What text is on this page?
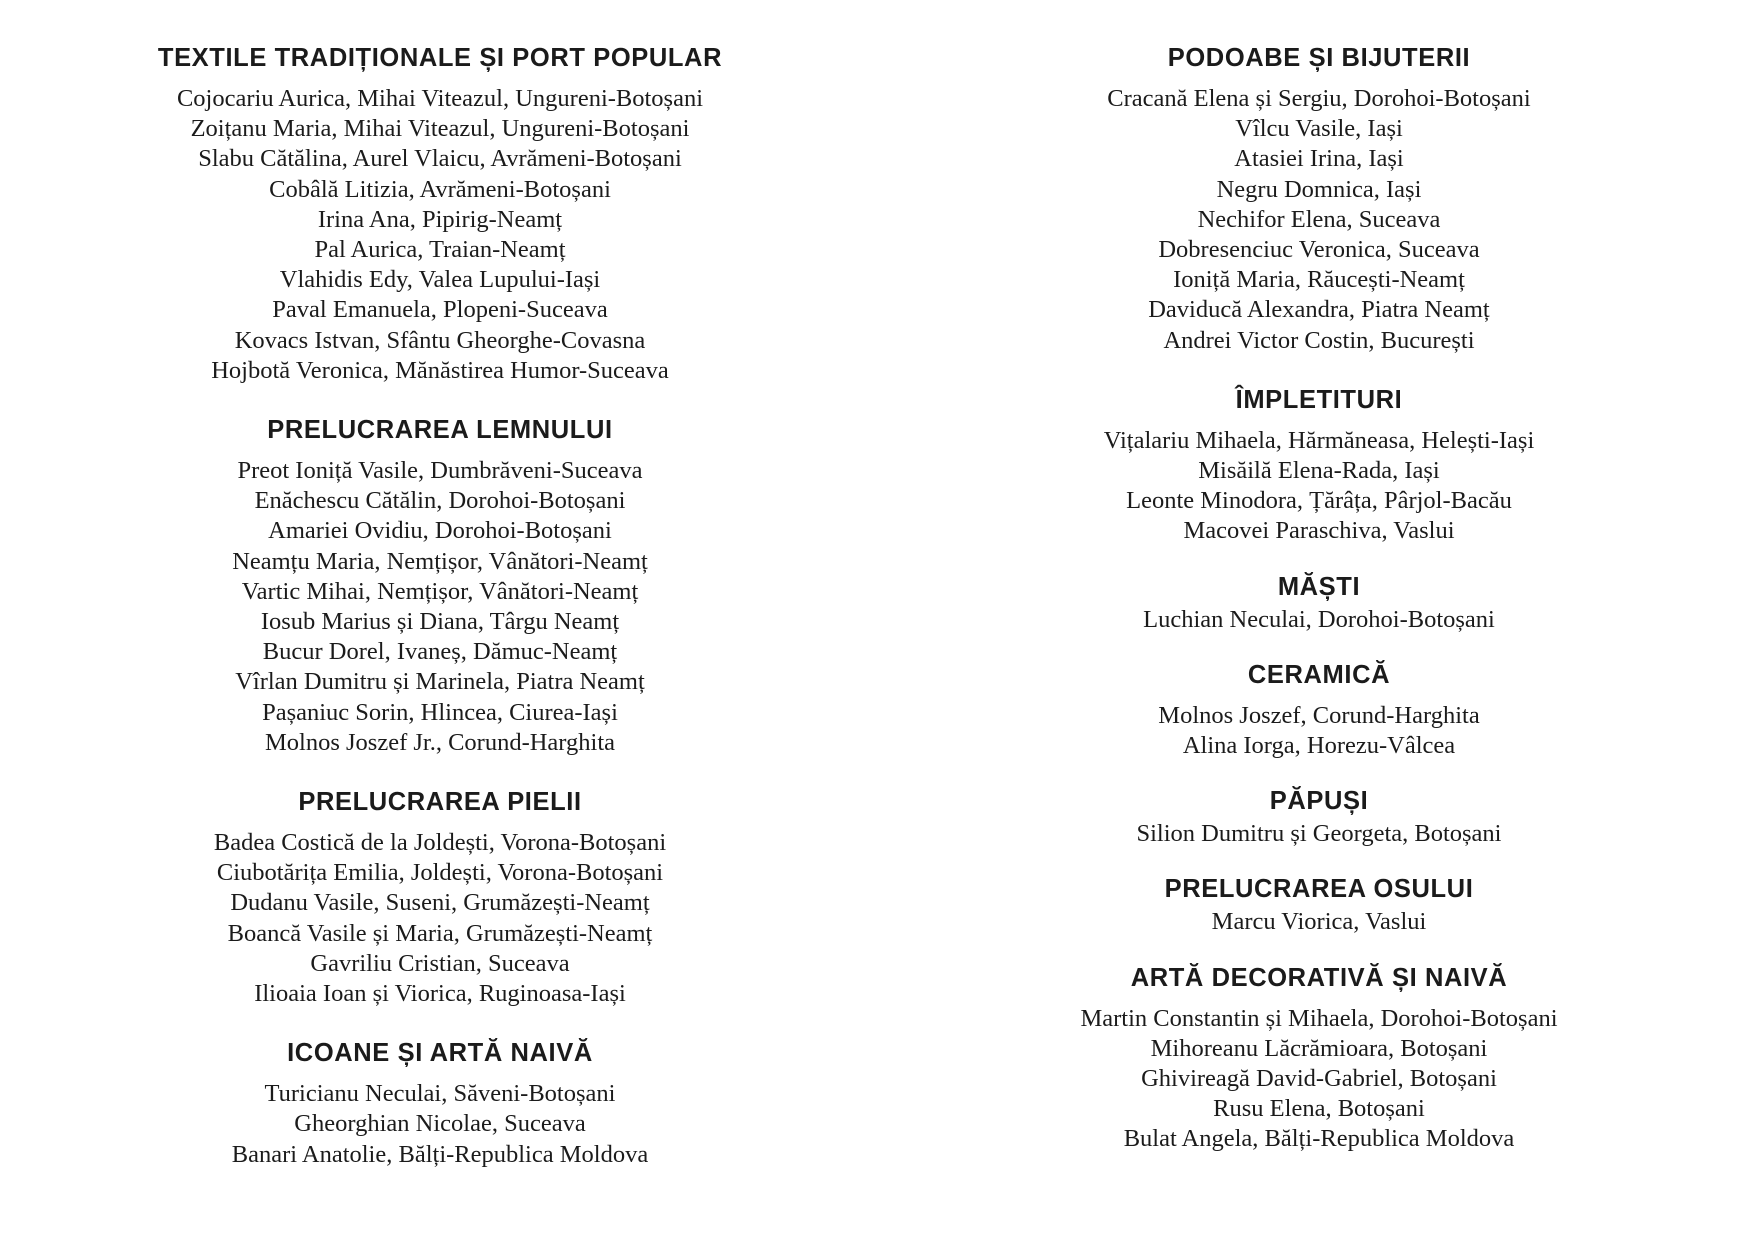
TEXTILE TRADIȚIONALE ȘI PORT POPULAR
Cojocariu Aurica, Mihai Viteazul, Ungureni-Botoșani
Zoițanu Maria, Mihai Viteazul, Ungureni-Botoșani
Slabu Cătălina, Aurel Vlaicu, Avrămeni-Botoșani
Cobâlă Litizia, Avrămeni-Botoșani
Irina Ana, Pipirig-Neamț
Pal Aurica, Traian-Neamț
Vlahidis Edy, Valea Lupului-Iași
Paval Emanuela, Plopeni-Suceava
Kovacs Istvan, Sfântu Gheorghe-Covasna
Hojbotă Veronica, Mănăstirea Humor-Suceava
PRELUCRAREA LEMNULUI
Preot Ioniță Vasile, Dumbrăveni-Suceava
Enăchescu Cătălin, Dorohoi-Botoșani
Amariei Ovidiu, Dorohoi-Botoșani
Neamțu Maria, Nemțișor, Vânători-Neamț
Vartic Mihai, Nemțișor, Vânători-Neamț
Iosub Marius și Diana, Târgu Neamț
Bucur Dorel, Ivaneș, Dămuc-Neamț
Vîrlan Dumitru și Marinela, Piatra Neamț
Pașaniuc Sorin, Hlincea, Ciurea-Iași
Molnos Joszef Jr., Corund-Harghita
PRELUCRAREA PIELII
Badea Costică de la Joldești, Vorona-Botoșani
Ciubotărița Emilia, Joldești, Vorona-Botoșani
Dudanu Vasile, Suseni, Grumăzești-Neamț
Boancă Vasile și Maria, Grumăzești-Neamț
Gavriliu Cristian, Suceava
Ilioaia Ioan și Viorica, Ruginoasa-Iași
ICOANE ȘI ARTĂ NAIVĂ
Turicianu Neculai, Săveni-Botoșani
Gheorghian Nicolae, Suceava
Banari Anatolie, Bălți-Republica Moldova
PODOABE ȘI BIJUTERII
Cracană Elena și Sergiu, Dorohoi-Botoșani
Vîlcu Vasile, Iași
Atasiei Irina, Iași
Negru Domnica, Iași
Nechifor Elena, Suceava
Dobresenciuc Veronica, Suceava
Ioniță Maria, Răucești-Neamț
Daviducă Alexandra, Piatra Neamț
Andrei Victor Costin, București
ÎMPLETITURI
Vițalariu Mihaela, Hărmăneasa, Helești-Iași
Misăilă Elena-Rada, Iași
Leonte Minodora, Țărâța, Pârjol-Bacău
Macovei Paraschiva, Vaslui
MĂȘTI
Luchian Neculai, Dorohoi-Botoșani
CERAMICĂ
Molnos Joszef, Corund-Harghita
Alina Iorga, Horezu-Vâlcea
PĂPUȘI
Silion Dumitru și Georgeta, Botoșani
PRELUCRAREA OSULUI
Marcu Viorica, Vaslui
ARTĂ DECORATIVĂ ȘI NAIVĂ
Martin Constantin și Mihaela, Dorohoi-Botoșani
Mihoreanu Lăcrămioara, Botoșani
Ghivireagă David-Gabriel, Botoșani
Rusu Elena, Botoșani
Bulat Angela, Bălți-Republica Moldova
